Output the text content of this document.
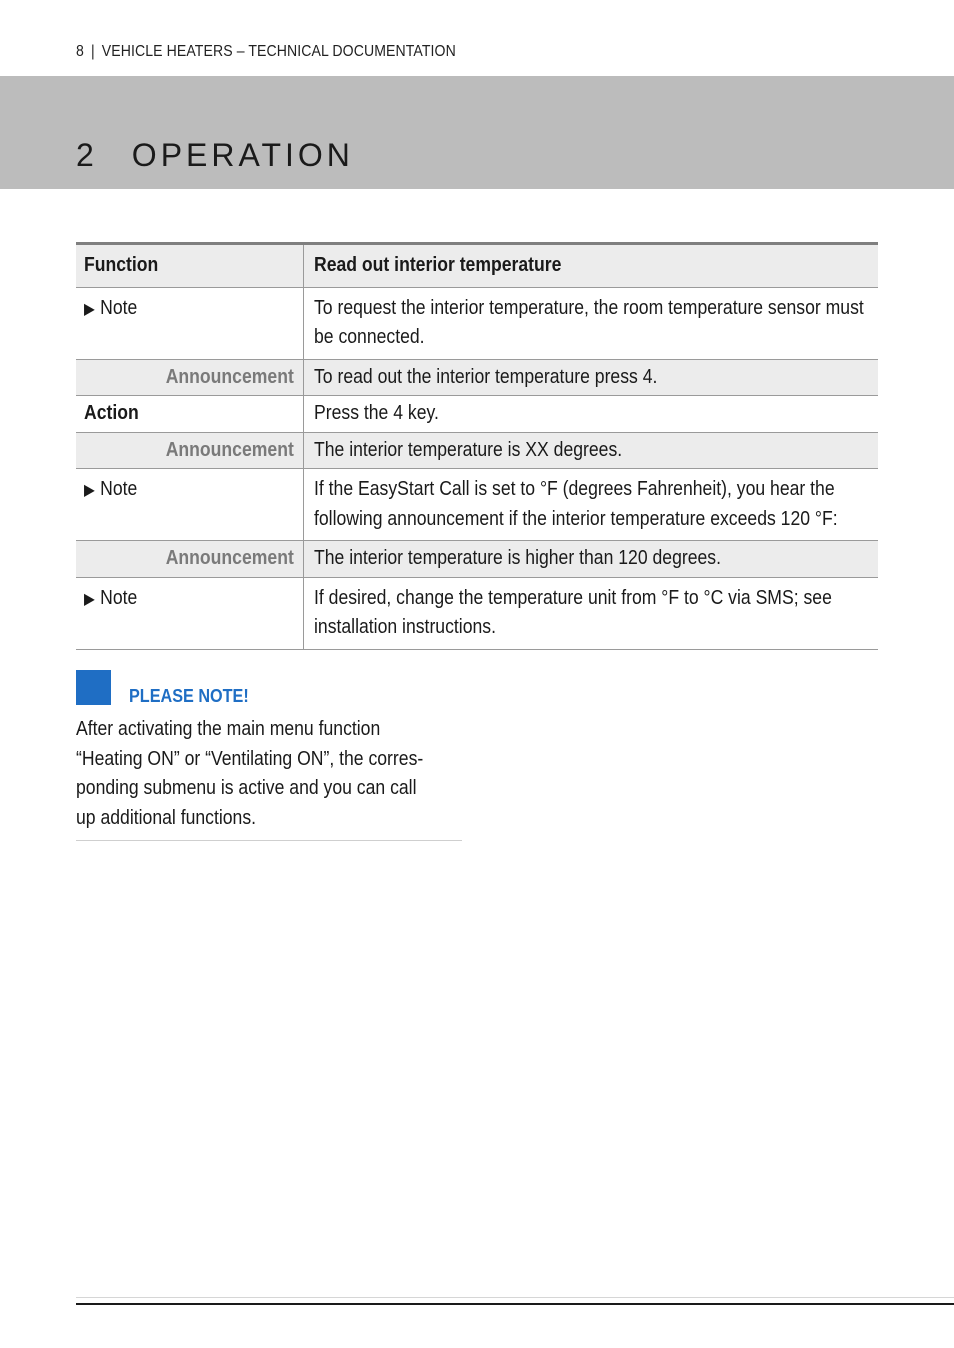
8 | VEHICLE HEATERS – TECHNICAL DOCUMENTATION
2 OPERATION
Function	Read out interior temperature
▶ Note	To request the interior temperature, the room temperature sensor must be connected.
Announcement	To read out the interior temperature press 4.
Action	Press the 4 key.
Announcement	The interior temperature is XX degrees.
▶ Note	If the EasyStart Call is set to °F (degrees Fahrenheit), you hear the following announcement if the interior temperature exceeds 120 °F:
Announcement	The interior temperature is higher than 120 degrees.
▶ Note	If desired, change the temperature unit from °F to °C via SMS; see installation instructions.
PLEASE NOTE!
After activating the main menu function
“Heating ON” or “Ventilating ON”, the corres-
ponding submenu is active and you can call
up additional functions.
